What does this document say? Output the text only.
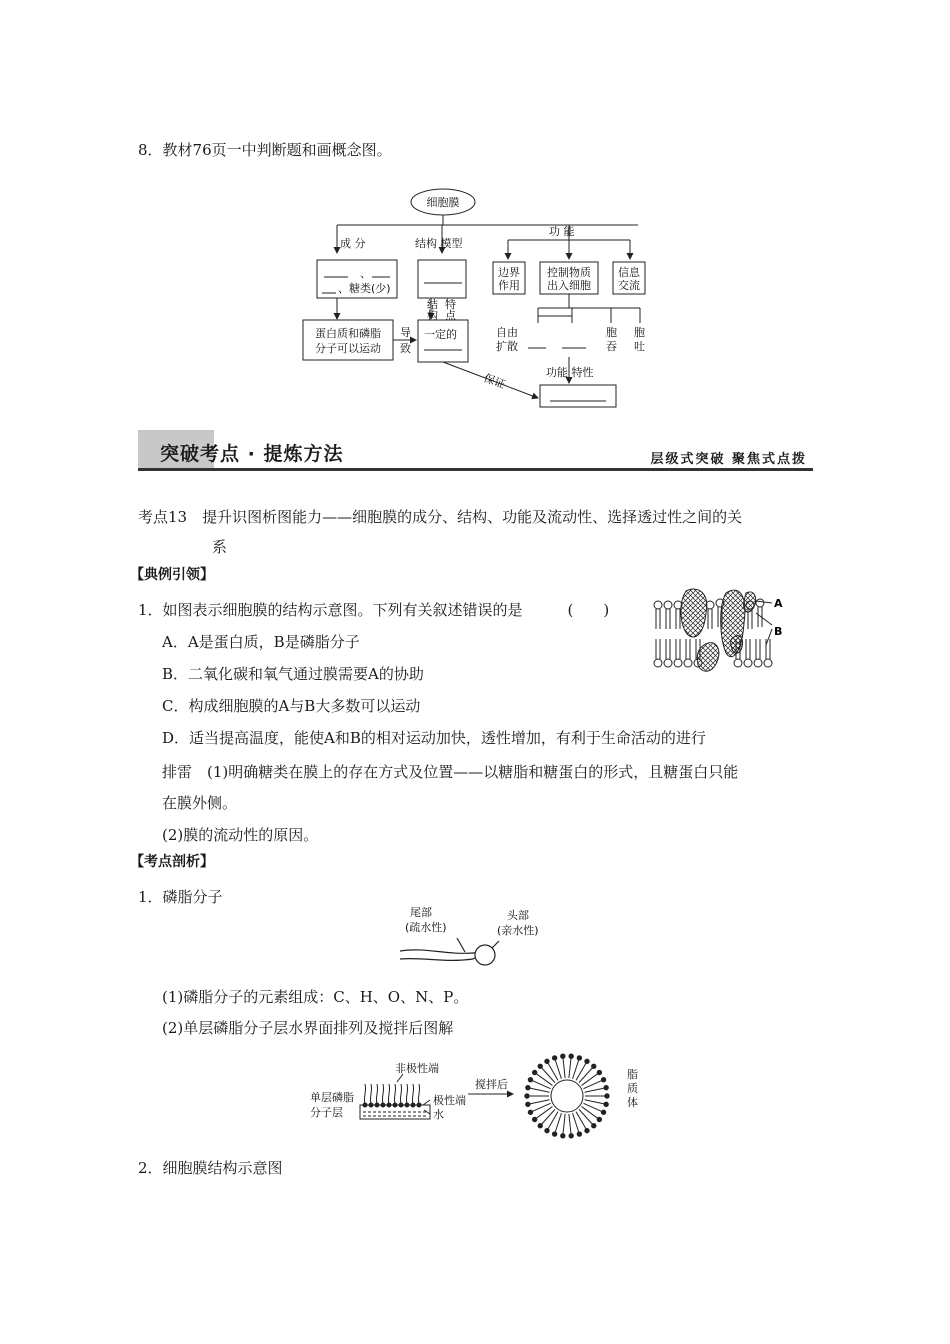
8．教材76页一中判断题和画概念图。
细胞膜
成 分	结构 模型
功 能
、
、糖类(少)
蛋白质和磷脂
分子可以运动
导
致
结
构
特
点
一定的
边界
作用
控制物质
出入细胞
信息
交流
自由
扩散
胞
吞
胞
吐
保证	功能 特性
突破考点 · 提炼方法	层级式突破 聚焦式点拨
考点13　提升识图析图能力——细胞膜的成分、结构、功能及流动性、选择透过性之间的关
系
【典例引领】
1．如图表示细胞膜的结构示意图。下列有关叙述错误的是　　　(　　)
A．A是蛋白质，B是磷脂分子
B．二氧化碳和氧气通过膜需要A的协助
C．构成细胞膜的A与B大多数可以运动
D．适当提高温度，能使A和B的相对运动加快，透性增加，有利于生命活动的进行
A
B
排雷　(1)明确糖类在膜上的存在方式及位置——以糖脂和糖蛋白的形式，且糖蛋白只能
在膜外侧。
(2)膜的流动性的原因。
【考点剖析】
1．磷脂分子
尾部
(疏水性)
头部
(亲水性)
(1)磷脂分子的元素组成：C、H、O、N、P。
(2)单层磷脂分子层水界面排列及搅拌后图解
非极性端
单层磷脂
分子层
极性端
水
搅拌后
脂
质
体
2．细胞膜结构示意图
